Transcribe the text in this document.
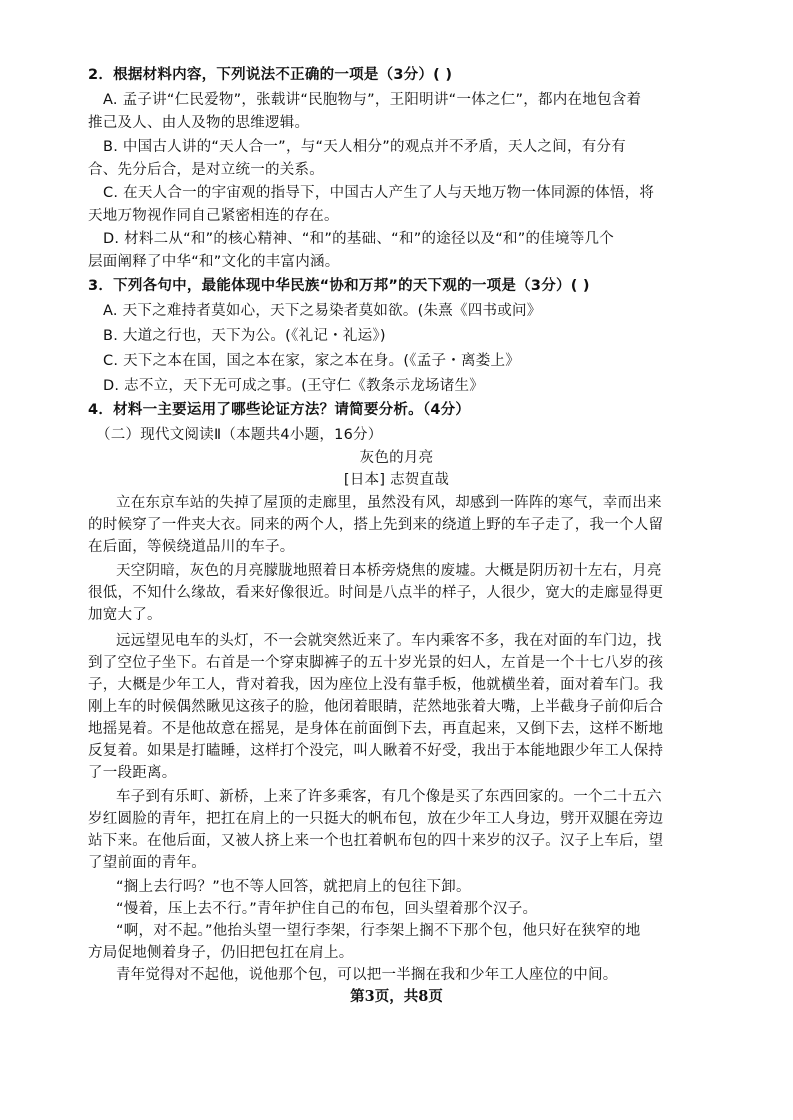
2．根据材料内容，下列说法不正确的一项是（3分）( )
A. 孟子讲“仁民爱物”，张载讲“民胞物与”，王阳明讲“一体之仁”，都内在地包含着
推己及人、由人及物的思维逻辑。
B. 中国古人讲的“天人合一”，与“天人相分”的观点并不矛盾，天人之间，有分有
合、先分后合，是对立统一的关系。
C. 在天人合一的宇宙观的指导下，中国古人产生了人与天地万物一体同源的体悟，将
天地万物视作同自己紧密相连的存在。
D. 材料二从“和”的核心精神、“和”的基础、“和”的途径以及“和”的佳境等几个
层面阐释了中华“和”文化的丰富内涵。
3．下列各句中，最能体现中华民族“协和万邦”的天下观的一项是（3分）( )
A. 天下之难持者莫如心，天下之易染者莫如欲。(朱熹《四书或问》
B. 大道之行也，天下为公。(《礼记・礼运》)
C. 天下之本在国，国之本在家，家之本在身。(《孟子・离娄上》
D. 志不立，天下无可成之事。(王守仁《教条示龙场诸生》
4．材料一主要运用了哪些论证方法？请简要分析。（4分）
（二）现代文阅读Ⅱ（本题共4小题，16分）
灰色的月亮
[日本] 志贺直哉
立在东京车站的失掉了屋顶的走廊里，虽然没有风，却感到一阵阵的寒气，幸而出来
的时候穿了一件夹大衣。同来的两个人，搭上先到来的绕道上野的车子走了，我一个人留
在后面，等候绕道品川的车子。
天空阴暗，灰色的月亮朦胧地照着日本桥旁烧焦的废墟。大概是阴历初十左右，月亮
很低，不知什么缘故，看来好像很近。时间是八点半的样子，人很少，宽大的走廊显得更
加宽大了。
远远望见电车的头灯，不一会就突然近来了。车内乘客不多，我在对面的车门边，找
到了空位子坐下。右首是一个穿束脚裤子的五十岁光景的妇人，左首是一个十七八岁的孩
子，大概是少年工人，背对着我，因为座位上没有靠手板，他就横坐着，面对着车门。我
刚上车的时候偶然瞅见这孩子的脸，他闭着眼睛，茫然地张着大嘴，上半截身子前仰后合
地摇晃着。不是他故意在摇晃，是身体在前面倒下去，再直起来，又倒下去，这样不断地
反复着。如果是打瞌睡，这样打个没完，叫人瞅着不好受，我出于本能地跟少年工人保持
了一段距离。
车子到有乐町、新桥，上来了许多乘客，有几个像是买了东西回家的。一个二十五六
岁红圆脸的青年，把扛在肩上的一只挺大的帆布包，放在少年工人身边，劈开双腿在旁边
站下来。在他后面，又被人挤上来一个也扛着帆布包的四十来岁的汉子。汉子上车后，望
了望前面的青年。
“搁上去行吗？”也不等人回答，就把肩上的包往下卸。
“慢着，压上去不行。”青年护住自己的布包，回头望着那个汉子。
“啊，对不起。”他抬头望一望行李架，行李架上搁不下那个包，他只好在狭窄的地
方局促地侧着身子，仍旧把包扛在肩上。
青年觉得对不起他，说他那个包，可以把一半搁在我和少年工人座位的中间。
第3页，共8页
